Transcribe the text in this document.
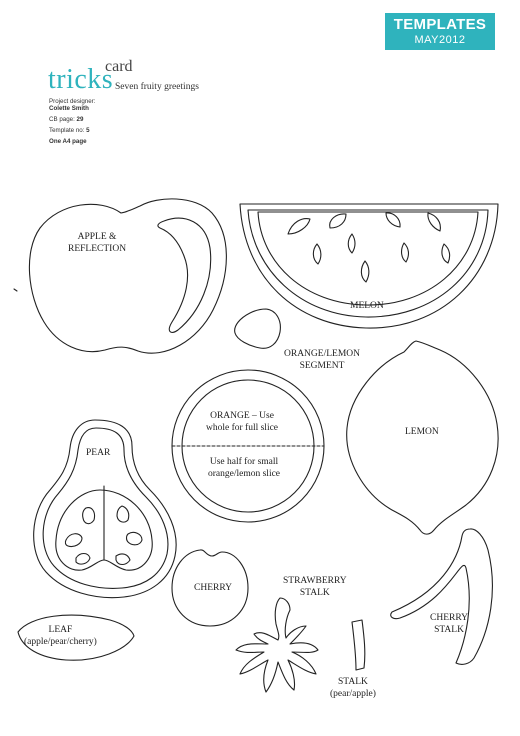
TEMPLATES
MAY2012
card
tricks Seven fruity greetings
Project designer:
Colette Smith
CB page: 29
Template no: 5
One A4 page
APPLE &
REFLECTION
MELON
ORANGE/LEMON
SEGMENT
ORANGE – Use
whole for full slice
Use half for small
orange/lemon slice
LEMON
PEAR
CHERRY
STRAWBERRY
STALK
CHERRY
STALK
LEAF
(apple/pear/cherry)
STALK
(pear/apple)
